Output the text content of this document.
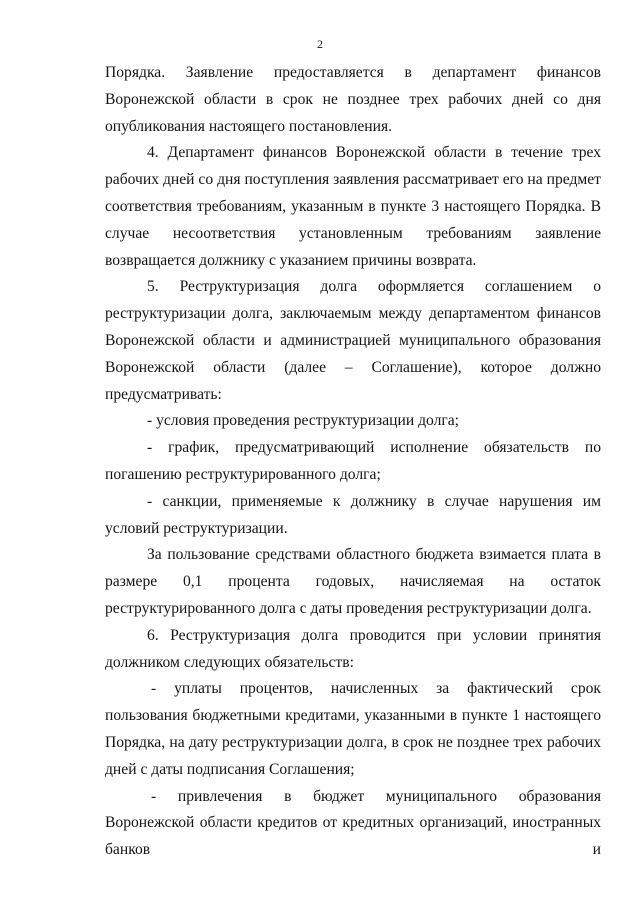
2

Порядка. Заявление предоставляется в департамент финансов Воронежской области в срок не позднее трех рабочих дней со дня опубликования настоящего постановления.

4. Департамент финансов Воронежской области в течение трех рабочих дней со дня поступления заявления рассматривает его на предмет соответствия требованиям, указанным в пункте 3 настоящего Порядка. В случае несоответствия установленным требованиям заявление возвращается должнику с указанием причины возврата.

5. Реструктуризация долга оформляется соглашением о реструктуризации долга, заключаемым между департаментом финансов Воронежской области и администрацией муниципального образования Воронежской области (далее – Соглашение), которое должно предусматривать:

- условия проведения реструктуризации долга;

- график, предусматривающий исполнение обязательств по погашению реструктурированного долга;

- санкции, применяемые к должнику в случае нарушения им условий реструктуризации.

За пользование средствами областного бюджета взимается плата в размере 0,1 процента годовых, начисляемая на остаток реструктурированного долга с даты проведения реструктуризации долга.

6. Реструктуризация долга проводится при условии принятия должником следующих обязательств:

- уплаты процентов, начисленных за фактический срок пользования бюджетными кредитами, указанными в пункте 1 настоящего Порядка, на дату реструктуризации долга, в срок не позднее трех рабочих дней с даты подписания Соглашения;

- привлечения в бюджет муниципального образования Воронежской области кредитов от кредитных организаций, иностранных банков и
